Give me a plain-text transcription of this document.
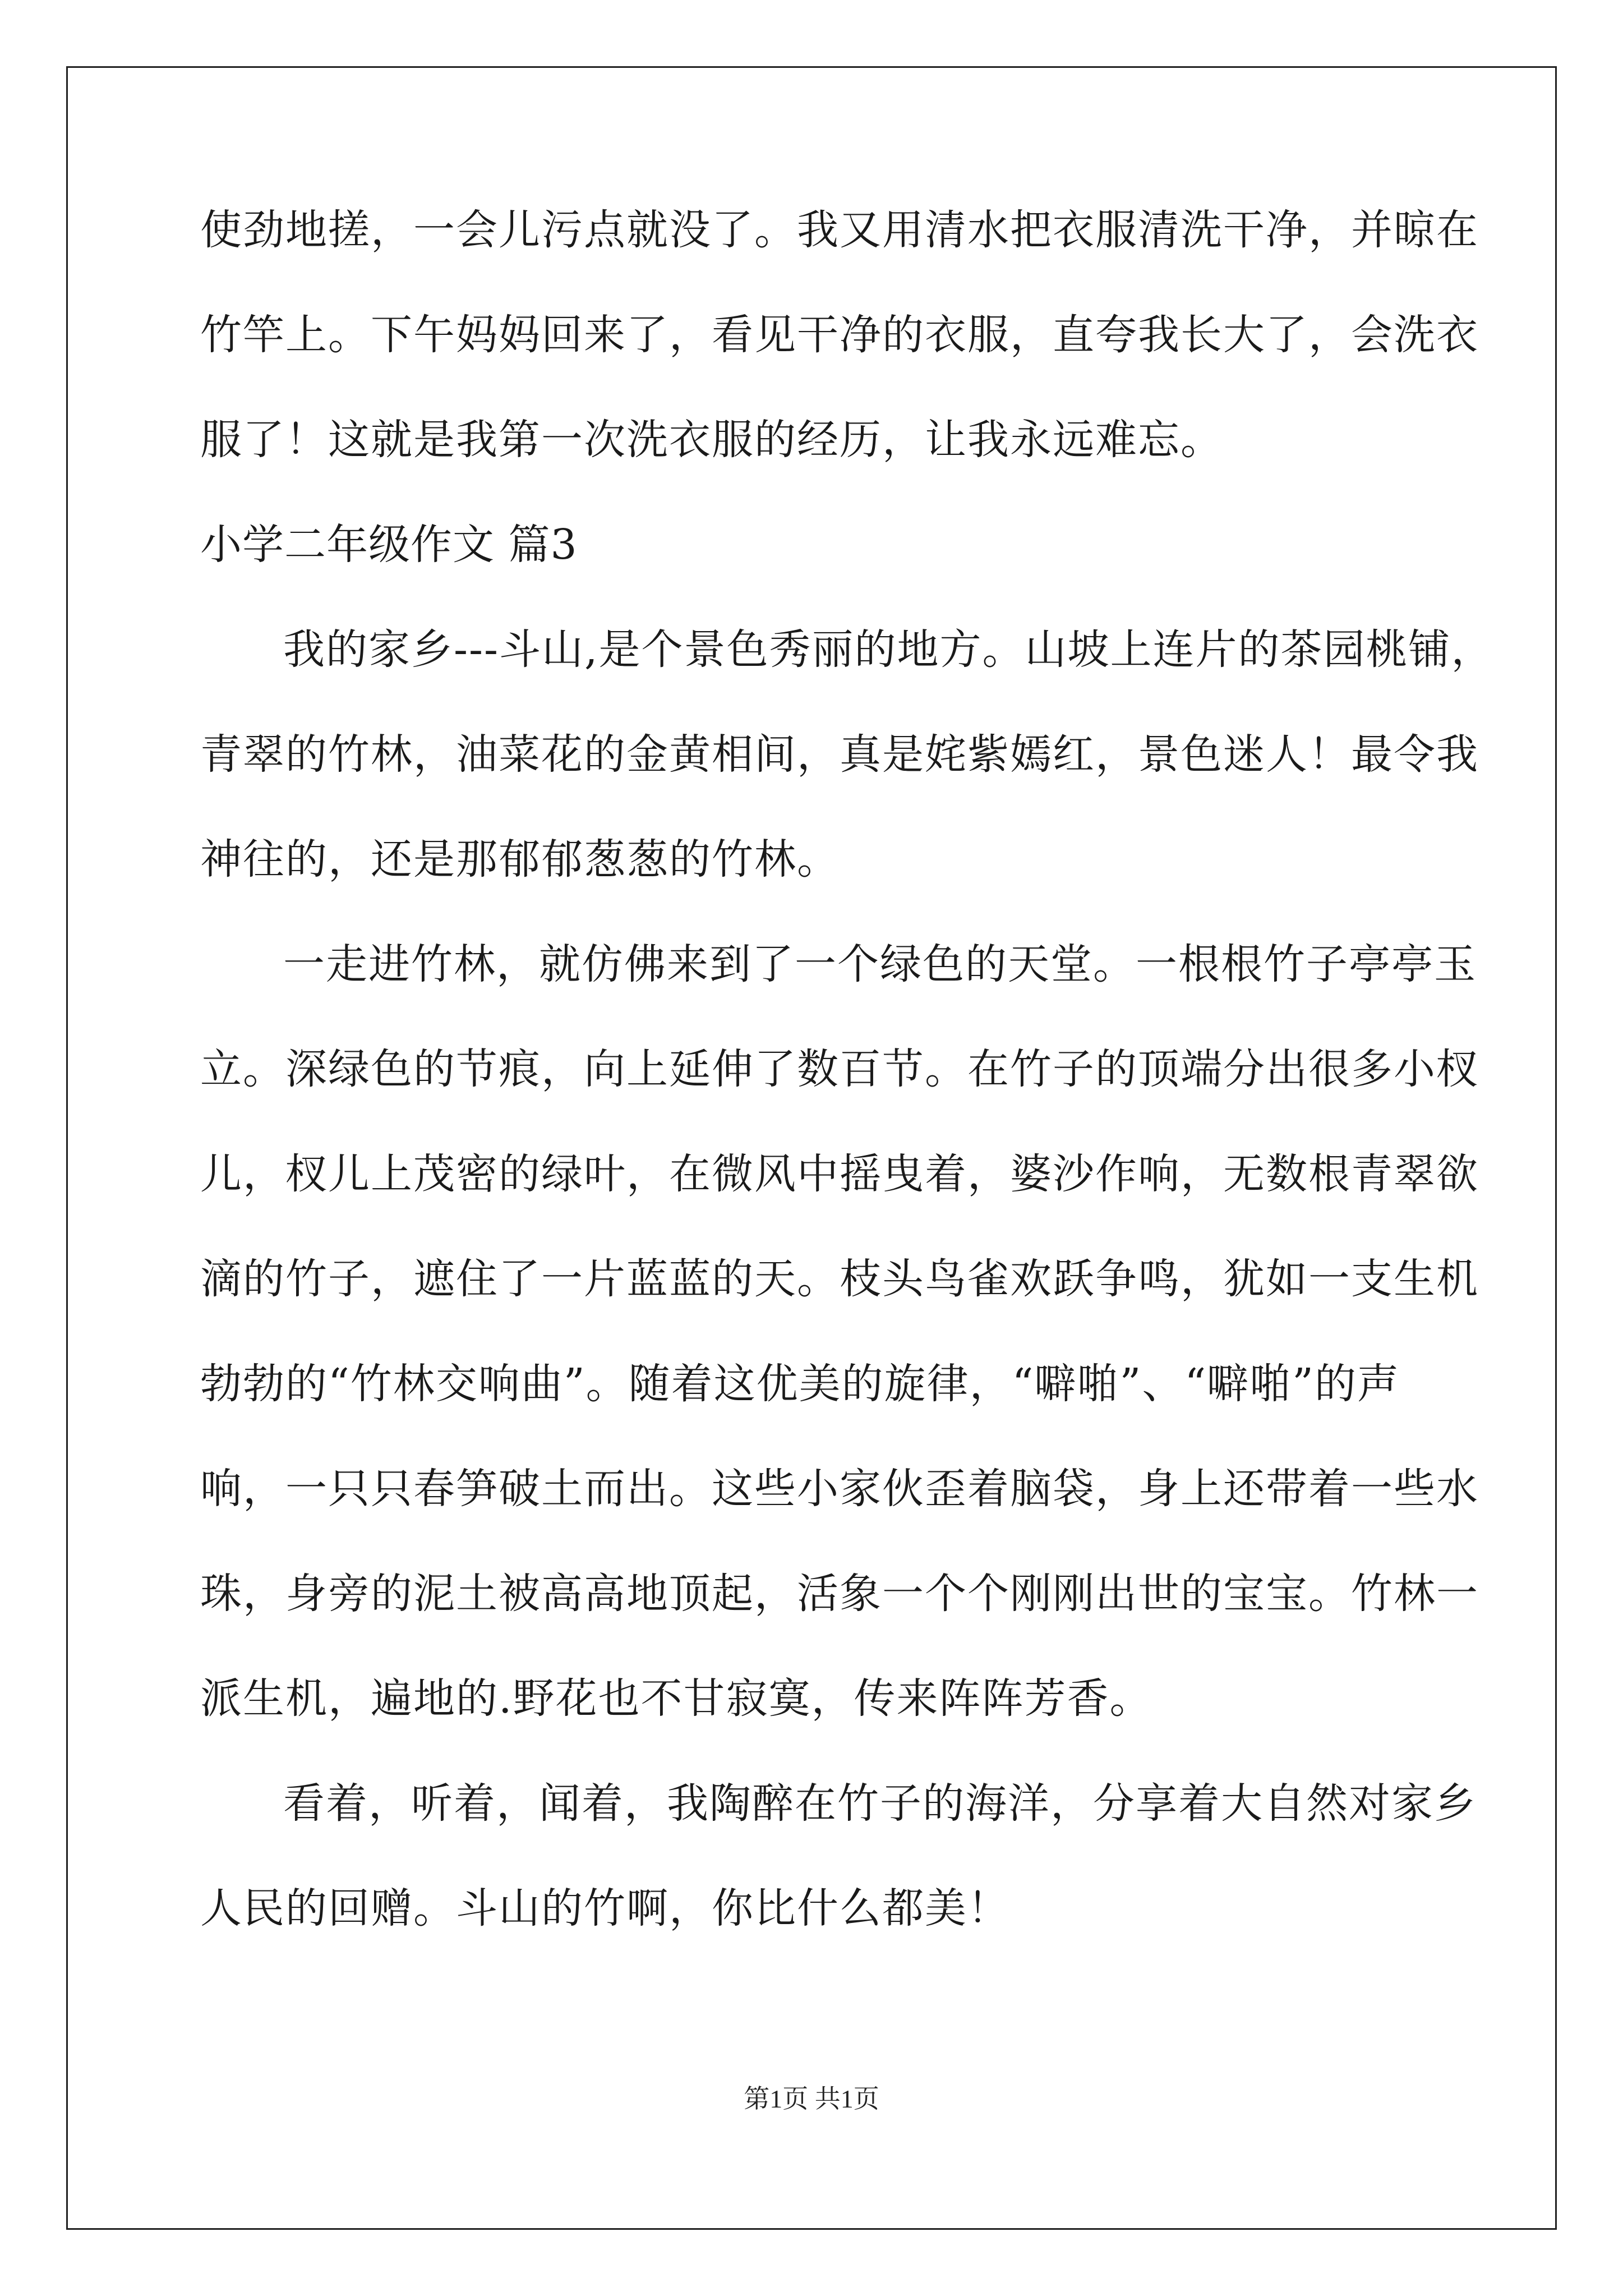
使劲地搓，一会儿污点就没了。我又用清水把衣服清洗干净，并晾在
竹竿上。下午妈妈回来了，看见干净的衣服，直夸我长大了，会洗衣
服了！这就是我第一次洗衣服的经历，让我永远难忘。
小学二年级作文 篇3
我的家乡---斗山,是个景色秀丽的地方。山坡上连片的茶园桃铺，
青翠的竹林，油菜花的金黄相间，真是姹紫嫣红，景色迷人！最令我
神往的，还是那郁郁葱葱的竹林。
一走进竹林，就仿佛来到了一个绿色的天堂。一根根竹子亭亭玉
立。深绿色的节痕，向上延伸了数百节。在竹子的顶端分出很多小杈
儿，杈儿上茂密的绿叶，在微风中摇曳着，婆沙作响，无数根青翠欲
滴的竹子，遮住了一片蓝蓝的天。枝头鸟雀欢跃争鸣，犹如一支生机
勃勃的“竹林交响曲”。随着这优美的旋律，“噼啪”、“噼啪”的声
响，一只只春笋破土而出。这些小家伙歪着脑袋，身上还带着一些水
珠，身旁的泥土被高高地顶起，活象一个个刚刚出世的宝宝。竹林一
派生机，遍地的.野花也不甘寂寞，传来阵阵芳香。
看着，听着，闻着，我陶醉在竹子的海洋，分享着大自然对家乡
人民的回赠。斗山的竹啊，你比什么都美！
第1页 共1页
